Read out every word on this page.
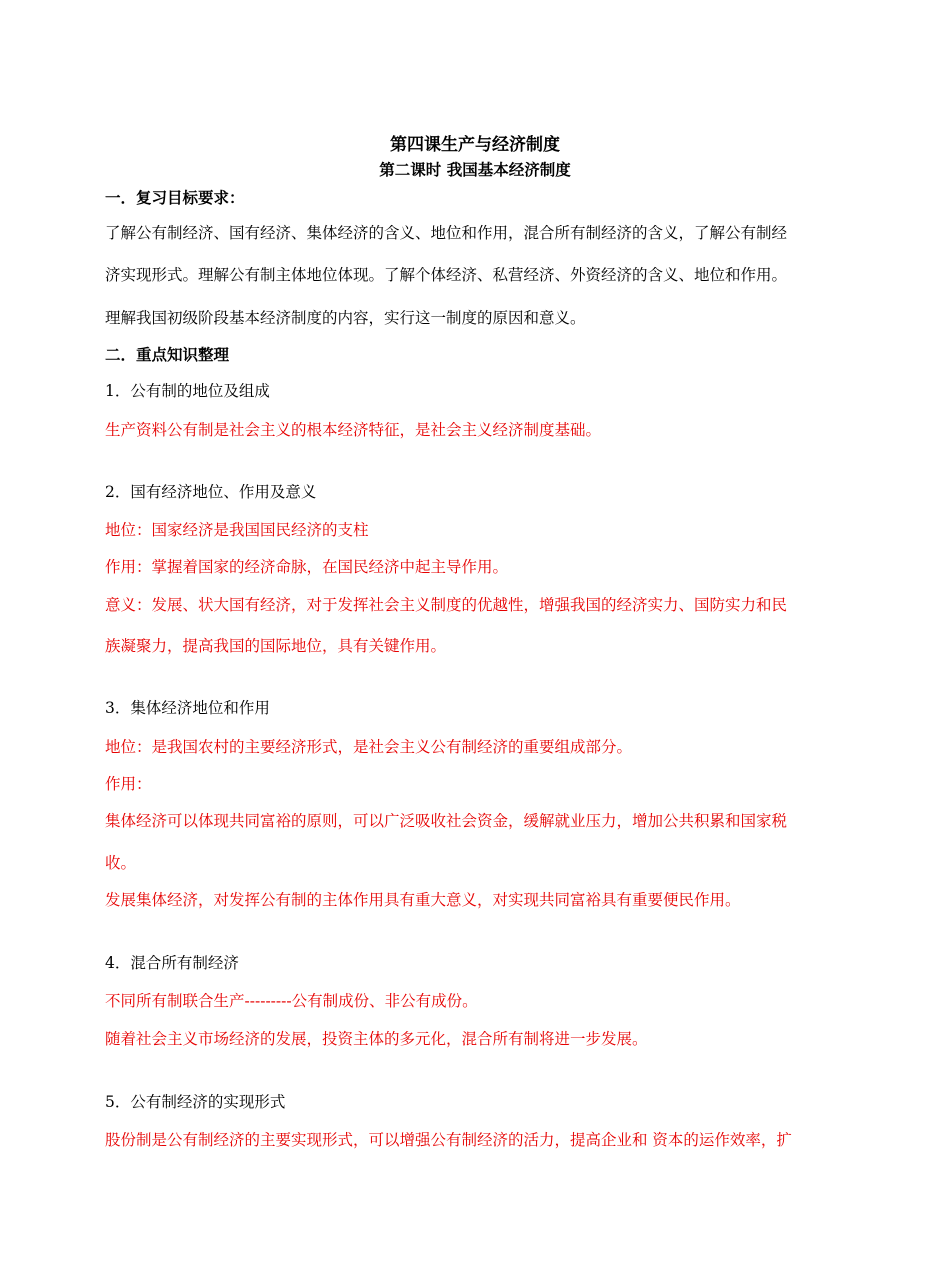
第四课生产与经济制度
第二课时 我国基本经济制度
一．复习目标要求：
了解公有制经济、国有经济、集体经济的含义、地位和作用，混合所有制经济的含义，了解公有制经
济实现形式。理解公有制主体地位体现。了解个体经济、私营经济、外资经济的含义、地位和作用。
理解我国初级阶段基本经济制度的内容，实行这一制度的原因和意义。
二．重点知识整理
1．公有制的地位及组成
生产资料公有制是社会主义的根本经济特征，是社会主义经济制度基础。
2．国有经济地位、作用及意义
地位：国家经济是我国国民经济的支柱
作用：掌握着国家的经济命脉，在国民经济中起主导作用。
意义：发展、状大国有经济，对于发挥社会主义制度的优越性，增强我国的经济实力、国防实力和民
族凝聚力，提高我国的国际地位，具有关键作用。
3．集体经济地位和作用
地位：是我国农村的主要经济形式，是社会主义公有制经济的重要组成部分。
作用：
集体经济可以体现共同富裕的原则，可以广泛吸收社会资金，缓解就业压力，增加公共积累和国家税
收。
发展集体经济，对发挥公有制的主体作用具有重大意义，对实现共同富裕具有重要便民作用。
4．混合所有制经济
不同所有制联合生产---------公有制成份、非公有成份。
随着社会主义市场经济的发展，投资主体的多元化，混合所有制将进一步发展。
5．公有制经济的实现形式
股份制是公有制经济的主要实现形式，可以增强公有制经济的活力，提高企业和 资本的运作效率，扩
